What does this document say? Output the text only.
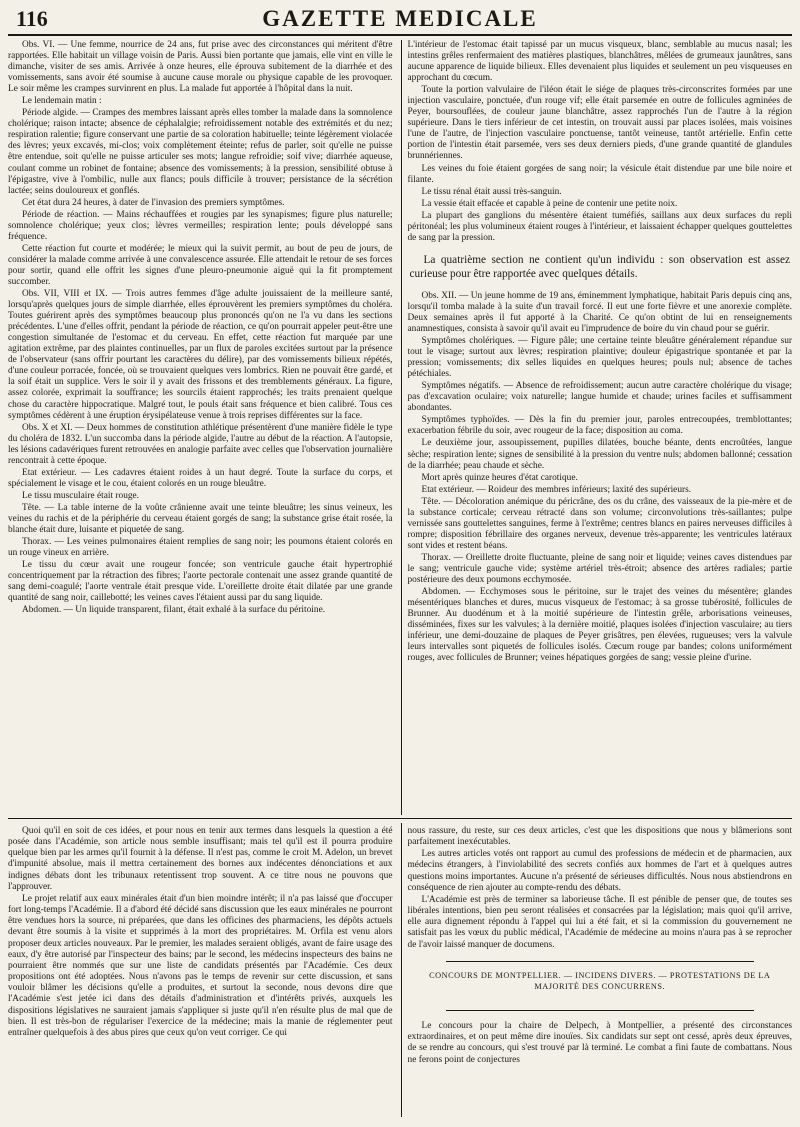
116	GAZETTE MEDICALE

Obs. VI. — Une femme, nourrice de 24 ans, fut prise avec des circonstances qui méritent d'être rapportées. Elle habitait un village voisin de Paris. Aussi bien portante que jamais, elle vint en ville le dimanche, visiter de ses amis. Arrivée à onze heures, elle éprouva subitement de la diarrhée et des vomissements, sans avoir été soumise à aucune cause morale ou physique capable de les provoquer. Le soir même les crampes survinrent en plus. La malade fut apportée à l'hôpital dans la nuit.

Le lendemain matin :

Période algide. — Crampes des membres laissant après elles tomber la malade dans la somnolence cholérique; raison intacte; absence de céphalalgie; refroidissement notable des extrémités et du nez; respiration ralentie; figure conservant une partie de sa coloration habituelle; teinte légèrement violacée des lèvres; yeux excavés, mi-clos; voix complètement éteinte; refus de parler, soit qu'elle ne puisse être entendue, soit qu'elle ne puisse articuler ses mots; langue refroidie; soif vive; diarrhée aqueuse, coulant comme un robinet de fontaine; absence des vomissements; à la pression, sensibilité obtuse à l'épigastre, vive à l'ombilic, nulle aux flancs; pouls difficile à trouver; persistance de la sécrétion lactée; seins douloureux et gonflés.

Cet état dura 24 heures, à dater de l'invasion des premiers symptômes.

Période de réaction. — Mains réchauffées et rougies par les synapismes; figure plus naturelle; somnolence cholérique; yeux clos; lèvres vermeilles; respiration lente; pouls développé sans fréquence.

Cette réaction fut courte et modérée; le mieux qui la suivit permit, au bout de peu de jours, de considérer la malade comme arrivée à une convalescence assurée. Elle attendait le retour de ses forces pour sortir, quand elle offrit les signes d'une pleuro-pneumonie aiguë qui la fit promptement succomber.

Obs. VII, VIII et IX. — Trois autres femmes d'âge adulte jouissaient de la meilleure santé, lorsqu'après quelques jours de simple diarrhée, elles éprouvèrent les premiers symptômes du choléra. Toutes guérirent après des symptômes beaucoup plus prononcés qu'on ne l'a vu dans les sections précédentes. L'une d'elles offrit, pendant la période de réaction, ce qu'on pourrait appeler peut-être une congestion simultanée de l'estomac et du cerveau. En effet, cette réaction fut marquée par une agitation extrême, par des plaintes continuelles, par un flux de paroles excitées surtout par la présence de l'observateur (sans offrir pourtant les caractères du délire), par des vomissements bilieux répétés, d'une couleur porracée, foncée, où se trouvaient quelques vers lombrics. Rien ne pouvait être gardé, et la soif était un supplice. Vers le soir il y avait des frissons et des tremblements généraux. La figure, assez colorée, exprimait la souffrance; les sourcils étaient rapprochés; les traits prenaient quelque chose du caractère hippocratique. Malgré tout, le pouls était sans fréquence et bien calibré. Tous ces symptômes cédèrent à une éruption érysipélateuse venue à trois reprises différentes sur la face.

Obs. X et XI. — Deux hommes de constitution athlétique présentèrent d'une manière fidèle le type du choléra de 1832. L'un succomba dans la période algide, l'autre au début de la réaction. A l'autopsie, les lésions cadavériques furent retrouvées en analogie parfaite avec celles que l'observation journalière rencontrait à cette époque.

Etat extérieur. — Les cadavres étaient roides à un haut degré. Toute la surface du corps, et spécialement le visage et le cou, étaient colorés en un rouge bleuâtre.

Le tissu musculaire était rouge.

Tête. — La table interne de la voûte crânienne avait une teinte bleuâtre; les sinus veineux, les veines du rachis et de la périphérie du cerveau étaient gorgés de sang; la substance grise était rosée, la blanche était dure, luisante et piquetée de sang.

Thorax. — Les veines pulmonaires étaient remplies de sang noir; les poumons étaient colorés en un rouge vineux en arrière.

Le tissu du cœur avait une rougeur foncée; son ventricule gauche était hypertrophié concentriquement par la rétraction des fibres; l'aorte pectorale contenait une assez grande quantité de sang demi-coagulé; l'aorte ventrale était presque vide. L'oreillette droite était dilatée par une grande quantité de sang noir, caillebotté; les veines caves l'étaient aussi par du sang liquide.

Abdomen. — Un liquide transparent, filant, était exhalé à la surface du péritoine.

L'intérieur de l'estomac était tapissé par un mucus visqueux, blanc, semblable au mucus nasal; les intestins grêles renfermaient des matières plastiques, blanchâtres, mêlées de grumeaux jaunâtres, sans aucune apparence de liquide bilieux. Elles devenaient plus liquides et seulement un peu visqueuses en approchant du cœcum.

Toute la portion valvulaire de l'iléon était le siége de plaques très-circonscrites formées par une injection vasculaire, ponctuée, d'un rouge vif; elle était parsemée en outre de follicules agminées de Peyer, boursouflées, de couleur jaune blanchâtre, assez rapprochés l'un de l'autre à la région supérieure. Dans le tiers inférieur de cet intestin, on trouvait aussi par places isolées, mais voisines l'une de l'autre, de l'injection vasculaire ponctuense, tantôt veineuse, tantôt artérielle. Enfin cette portion de l'intestin était parsemée, vers ses deux derniers pieds, d'une grande quantité de glandules brunnériennes.

Les veines du foie étaient gorgées de sang noir; la vésicule était distendue par une bile noire et filante.

Le tissu rénal était aussi très-sanguin.

La vessie était effacée et capable à peine de contenir une petite noix.

La plupart des ganglions du mésentère étaient tuméfiés, saillans aux deux surfaces du repli péritonéal; les plus volumineux étaient rouges à l'intérieur, et laissaient échapper quelques gouttelettes de sang par la pression.

La quatrième section ne contient qu'un individu : son observation est assez curieuse pour être rapportée avec quelques détails.

Obs. XII. — Un jeune homme de 19 ans, éminemment lymphatique, habitait Paris depuis cinq ans, lorsqu'il tomba malade à la suite d'un travail forcé. Il eut une forte fièvre et une anorexie complète. Deux semaines après il fut apporté à la Charité. Ce qu'on obtint de lui en renseignements anamnestiques, consista à savoir qu'il avait eu l'imprudence de boire du vin chaud pour se guérir.

Symptômes cholériques. — Figure pâle; une certaine teinte bleuâtre généralement répandue sur tout le visage; surtout aux lèvres; respiration plaintive; douleur épigastrique spontanée et par la pression; vomissements; dix selles liquides en quelques heures; pouls nul; absence de taches pétéchiales.

Symptômes négatifs. — Absence de refroidissement; aucun autre caractère cholérique du visage; pas d'excavation oculaire; voix naturelle; langue humide et chaude; urines faciles et suffisamment abondantes.

Symptômes typhoïdes. — Dès la fin du premier jour, paroles entrecoupées, tremblottantes; exacerbation fébrile du soir, avec rougeur de la face; disposition au coma.

Le deuxième jour, assoupissement, pupilles dilatées, bouche béante, dents encroûtées, langue sèche; respiration lente; signes de sensibilité à la pression du ventre nuls; abdomen ballonné; cessation de la diarrhée; peau chaude et sèche.

Mort après quinze heures d'état carotique.

Etat extérieur. — Roideur des membres inférieurs; laxité des supérieurs.

Tête. — Décoloration anémique du péricrâne, des os du crâne, des vaisseaux de la pie-mère et de la substance corticale; cerveau rétracté dans son volume; circonvolutions très-saillantes; pulpe vernissée sans gouttelettes sanguines, ferme à l'extrême; centres blancs en paires nerveuses difficiles à rompre; disposition fébrillaire des organes nerveux, devenue très-apparente; les ventricules latéraux sont vides et restent béans.

Thorax. — Oreillette droite fluctuante, pleine de sang noir et liquide; veines caves distendues par le sang; ventricule gauche vide; système artériel très-étroit; absence des artères radiales; partie postérieure des deux poumons ecchymosée.

Abdomen. — Ecchymoses sous le péritoine, sur le trajet des veines du mésentère; glandes mésentériques blanches et dures, mucus visqueux de l'estomac; à sa grosse tubérosité, follicules de Brunner. Au duodénum et à la moitié supérieure de l'intestin grêle, arborisations veineuses, disséminées, fixes sur les valvules; à la dernière moitié, plaques isolées d'injection vasculaire; au tiers inférieur, une demi-douzaine de plaques de Peyer grisâtres, pen élevées, rugueuses; vers la valvule leurs intervalles sont piquetés de follicules isolés. Cœcum rouge par bandes; colons uniformément rouges, avec follicules de Brunner; veines hépatiques gorgées de sang; vessie pleine d'urine.

Quoi qu'il en soit de ces idées, et pour nous en tenir aux termes dans lesquels la question a été posée dans l'Académie, son article nous semble insuffisant; mais tel qu'il est il pourra produire quelque bien par les armes qu'il fournit à la défense. Il n'est pas, comme le croit M. Adelon, un brevet d'impunité absolue, mais il mettra certainement des bornes aux indécentes dénonciations et aux indignes débats dont les tribunaux retentissent trop souvent. A ce titre nous ne pouvons que l'approuver.

Le projet relatif aux eaux minérales était d'un bien moindre intérêt; il n'a pas laissé que d'occuper fort long-temps l'Académie. Il a d'abord été décidé sans discussion que les eaux minérales ne pourront être vendues hors la source, ni préparées, que dans les officines des pharmaciens, les dépôts actuels devant être soumis à la visite et supprimés à la mort des propriétaires. M. Orfila est venu alors proposer deux articles nouveaux. Par le premier, les malades seraient obligés, avant de faire usage des eaux, d'y être autorisé par l'inspecteur des bains; par le second, les médecins inspecteurs des bains ne pourraient être nommés que sur une liste de candidats présentés par l'Académie. Ces deux propositions ont été adoptées. Nous n'avons pas le temps de revenir sur cette discussion, et sans vouloir blâmer les décisions qu'elle a produites, et surtout la seconde, nous devons dire que l'Académie s'est jetée ici dans des détails d'administration et d'intérêts privés, auxquels les dispositions législatives ne sauraient jamais s'appliquer si juste qu'il n'en résulte plus de mal que de bien. Il est très-bon de régulariser l'exercice de la médecine; mais la manie de réglementer peut entraîner quelquefois à des abus pires que ceux qu'on veut corriger. Ce qui

nous rassure, du reste, sur ces deux articles, c'est que les dispositions que nous y blâmerions sont parfaitement inexécutables.

Les autres articles votés ont rapport au cumul des professions de médecin et de pharmacien, aux médecins étrangers, à l'inviolabilité des secrets confiés aux hommes de l'art et à quelques autres questions moins importantes. Aucune n'a présenté de sérieuses difficultés. Nous nous abstiendrons en conséquence de rien ajouter au compte-rendu des débats.

L'Académie est près de terminer sa laborieuse tâche. Il est pénible de penser que, de toutes ses libérales intentions, bien peu seront réalisées et consacrées par la législation; mais quoi qu'il arrive, elle aura dignement répondu à l'appel qui lui a été fait, et si la commission du gouvernement ne satisfait pas les vœux du public médical, l'Académie de médecine au moins n'aura pas à se reprocher de l'avoir laissé manquer de documens.

CONCOURS DE MONTPELLIER. — INCIDENS DIVERS. — PROTESTATIONS DE LA MAJORITÉ DES CONCURRENS.

Le concours pour la chaire de Delpech, à Montpellier, a présenté des circonstances extraordinaires, et on peut même dire inouïes. Six candidats sur sept ont cessé, après deux épreuves, de se rendre au concours, qui s'est trouvé par là terminé. Le combat a fini faute de combattans. Nous ne ferons point de conjectures
